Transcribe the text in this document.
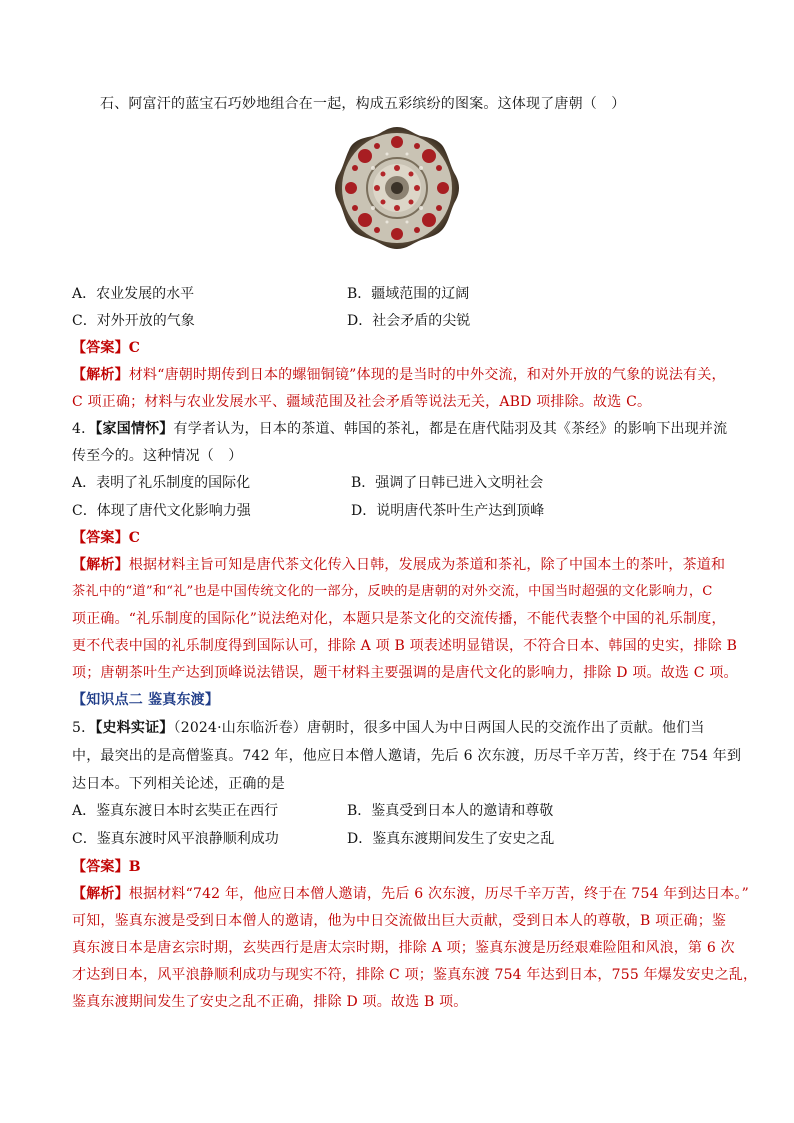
石、阿富汗的蓝宝石巧妙地组合在一起，构成五彩缤纷的图案。这体现了唐朝（　）
A．农业发展的水平	B．疆域范围的辽阔
C．对外开放的气象	D．社会矛盾的尖锐
【答案】C
【解析】材料“唐朝时期传到日本的螺钿铜镜”体现的是当时的中外交流，和对外开放的气象的说法有关，
C 项正确；材料与农业发展水平、疆域范围及社会矛盾等说法无关，ABD 项排除。故选 C。
4．【家国情怀】有学者认为，日本的茶道、韩国的茶礼，都是在唐代陆羽及其《茶经》的影响下出现并流
传至今的。这种情况（　）
A．表明了礼乐制度的国际化	B．强调了日韩已进入文明社会
C．体现了唐代文化影响力强	D．说明唐代茶叶生产达到顶峰
【答案】C
【解析】根据材料主旨可知是唐代茶文化传入日韩，发展成为茶道和茶礼，除了中国本土的茶叶，茶道和
茶礼中的“道”和“礼”也是中国传统文化的一部分，反映的是唐朝的对外交流，中国当时超强的文化影响力，C
项正确。“礼乐制度的国际化”说法绝对化，本题只是茶文化的交流传播，不能代表整个中国的礼乐制度，
更不代表中国的礼乐制度得到国际认可，排除 A 项 B 项表述明显错误，不符合日本、韩国的史实，排除 B
项；唐朝茶叶生产达到顶峰说法错误，题干材料主要强调的是唐代文化的影响力，排除 D 项。故选 C 项。
【知识点二 鉴真东渡】
5．【史料实证】（2024·山东临沂卷）唐朝时，很多中国人为中日两国人民的交流作出了贡献。他们当
中，最突出的是高僧鉴真。742 年，他应日本僧人邀请，先后 6 次东渡，历尽千辛万苦，终于在 754 年到
达日本。下列相关论述，正确的是
A．鉴真东渡日本时玄奘正在西行	B．鉴真受到日本人的邀请和尊敬
C．鉴真东渡时风平浪静顺利成功	D．鉴真东渡期间发生了安史之乱
【答案】B
【解析】根据材料“742 年，他应日本僧人邀请，先后 6 次东渡，历尽千辛万苦，终于在 754 年到达日本。”
可知，鉴真东渡是受到日本僧人的邀请，他为中日交流做出巨大贡献，受到日本人的尊敬，B 项正确；鉴
真东渡日本是唐玄宗时期，玄奘西行是唐太宗时期，排除 A 项；鉴真东渡是历经艰难险阻和风浪，第 6 次
才达到日本，风平浪静顺利成功与现实不符，排除 C 项；鉴真东渡 754 年达到日本，755 年爆发安史之乱，
鉴真东渡期间发生了安史之乱不正确，排除 D 项。故选 B 项。
